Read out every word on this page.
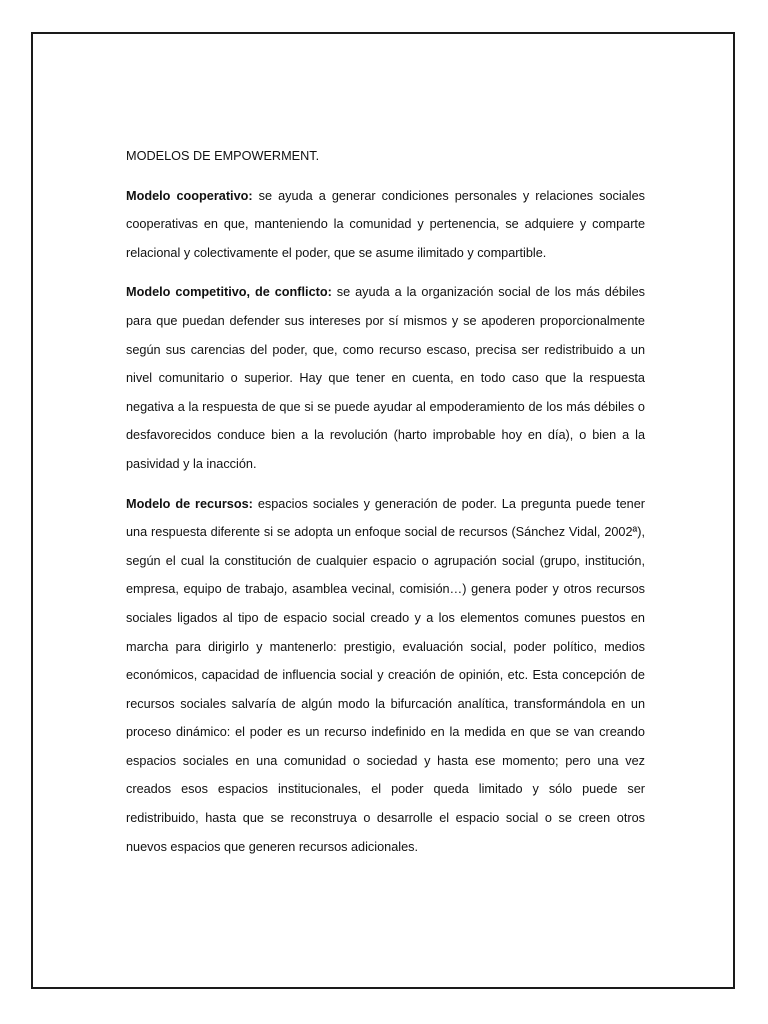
MODELOS DE EMPOWERMENT.

Modelo cooperativo: se ayuda a generar condiciones personales y relaciones sociales cooperativas en que, manteniendo la comunidad y pertenencia, se adquiere y comparte relacional y colectivamente el poder, que se asume ilimitado y compartible.

Modelo competitivo, de conflicto: se ayuda a la organización social de los más débiles para que puedan defender sus intereses por sí mismos y se apoderen proporcionalmente según sus carencias del poder, que, como recurso escaso, precisa ser redistribuido a un nivel comunitario o superior. Hay que tener en cuenta, en todo caso que la respuesta negativa a la respuesta de que si se puede ayudar al empoderamiento de los más débiles o desfavorecidos conduce bien a la revolución (harto improbable hoy en día), o bien a la pasividad y la inacción.

Modelo de recursos: espacios sociales y generación de poder. La pregunta puede tener una respuesta diferente si se adopta un enfoque social de recursos (Sánchez Vidal, 2002ª), según el cual la constitución de cualquier espacio o agrupación social (grupo, institución, empresa, equipo de trabajo, asamblea vecinal, comisión…) genera poder y otros recursos sociales ligados al tipo de espacio social creado y a los elementos comunes puestos en marcha para dirigirlo y mantenerlo: prestigio, evaluación social, poder político, medios económicos, capacidad de influencia social y creación de opinión, etc. Esta concepción de recursos sociales salvaría de algún modo la bifurcación analítica, transformándola en un proceso dinámico: el poder es un recurso indefinido en la medida en que se van creando espacios sociales en una comunidad o sociedad y hasta ese momento; pero una vez creados esos espacios institucionales, el poder queda limitado y sólo puede ser redistribuido, hasta que se reconstruya o desarrolle el espacio social o se creen otros nuevos espacios que generen recursos adicionales.
